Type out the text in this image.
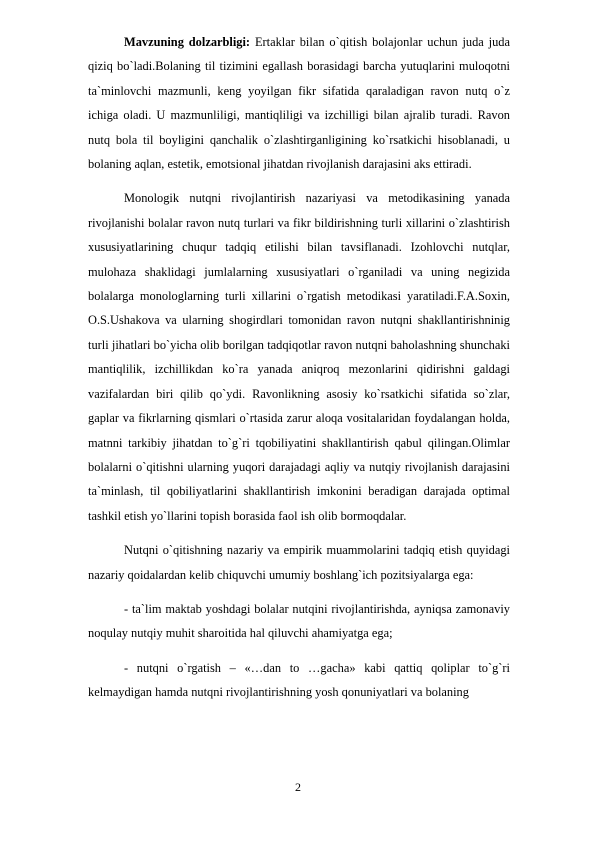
Mavzuning dolzarbligi: Ertaklar bilan o`qitish bolajonlar uchun juda juda qiziq bo`ladi.Bolaning til tizimini egallash borasidagi barcha yutuqlarini muloqotni ta`minlovchi mazmunli, keng yoyilgan fikr sifatida qaraladigan ravon nutq o`z ichiga oladi. U mazmunliligi, mantiqliligi va izchilligi bilan ajralib turadi. Ravon nutq bola til boyligini qanchalik o`zlashtirganligining ko`rsatkichi hisoblanadi, u bolaning aqlan, estetik, emotsional jihatdan rivojlanish darajasini aks ettiradi.

Monologik nutqni rivojlantirish nazariyasi va metodikasining yanada rivojlanishi bolalar ravon nutq turlari va fikr bildirishning turli xillarini o`zlashtirish xususiyatlarining chuqur tadqiq etilishi bilan tavsiflanadi. Izohlovchi nutqlar, mulohaza shaklidagi jumlalarning xususiyatlari o`rganiladi va uning negizida bolalarga monologlarning turli xillarini o`rgatish metodikasi yaratiladi.F.A.Soxin, O.S.Ushakova va ularning shogirdlari tomonidan ravon nutqni shakllantirishninig turli jihatlari bo`yicha olib borilgan tadqiqotlar ravon nutqni baholashning shunchaki mantiqlilik, izchillikdan ko`ra yanada aniqroq mezonlarini qidirishni galdagi vazifalardan biri qilib qo`ydi. Ravonlikning asosiy ko`rsatkichi sifatida so`zlar, gaplar va fikrlarning qismlari o`rtasida zarur aloqa vositalaridan foydalangan holda, matnni tarkibiy jihatdan to`g`ri tqobiliyatini shakllantirish qabul qilingan.Olimlar bolalarni o`qitishni ularning yuqori darajadagi aqliy va nutqiy rivojlanish darajasini ta`minlash, til qobiliyatlarini shakllantirish imkonini beradigan darajada optimal tashkil etish yo`llarini topish borasida faol ish olib bormoqdalar.

Nutqni o`qitishning nazariy va empirik muammolarini tadqiq etish quyidagi nazariy qoidalardan kelib chiquvchi umumiy boshlang`ich pozitsiyalarga ega:

- ta`lim maktab yoshdagi bolalar nutqini rivojlantirishda, ayniqsa zamonaviy noqulay nutqiy muhit sharoitida hal qiluvchi ahamiyatga ega;

- nutqni o`rgatish – «…dan to …gacha» kabi qattiq qoliplar to`g`ri kelmaydigan hamda nutqni rivojlantirishning yosh qonuniyatlari va bolaning

2
